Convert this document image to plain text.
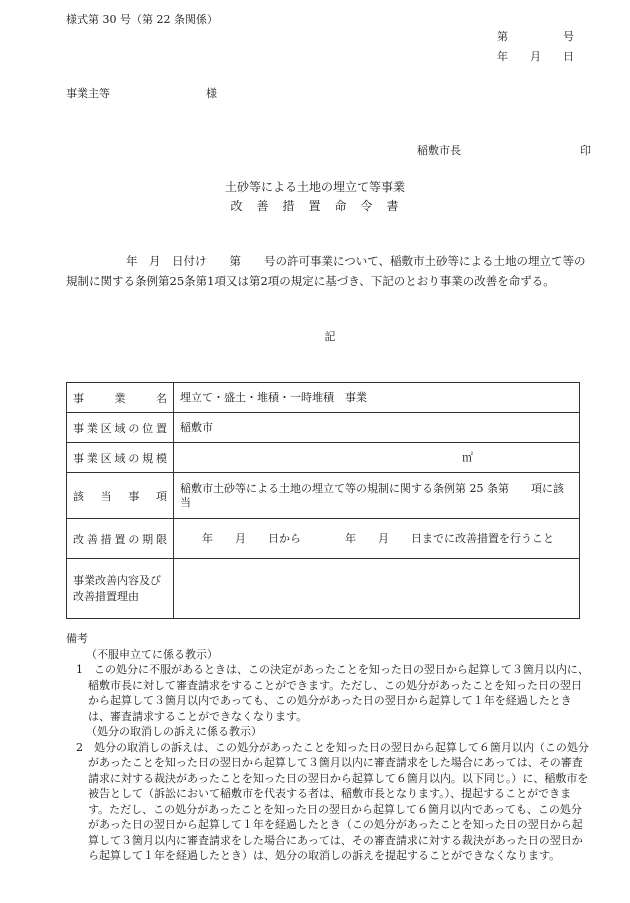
様式第 30 号（第 22 条関係）
第　　　　　号
年　　月　　日
事業主等	様
稲敷市長	印
土砂等による土地の埋立て等事業
改　善　措　置　命　令　書
年　月　日付け　　第　　号の許可事業について、稲敷市土砂等による土地の埋立て等の規制に関する条例第25条第1項又は第2項の規定に基づき、下記のとおり事業の改善を命ずる。
記
事　業　名	埋立て・盛土・堆積・一時堆積　事業
事業区域の位置	稲敷市
事業区域の規模	㎡

該　当　事　項	稲敷市土砂等による土地の埋立て等の規制に関する条例第 25 条第　　項に該当
改善措置の期限	　　年　　月　　日から　　　　年　　月　　日までに改善措置を行うこと
事業改善内容及び改善措置理由	

備考

（不服申立てに係る教示）

1　この処分に不服があるときは、この決定があったことを知った日の翌日から起算して３箇月以内に、稲敷市長に対して審査請求をすることができます。ただし、この処分があったことを知った日の翌日から起算して３箇月以内であっても、この処分があった日の翌日から起算して１年を経過したときは、審査請求することができなくなります。

（処分の取消しの訴えに係る教示）

2　処分の取消しの訴えは、この処分があったことを知った日の翌日から起算して６箇月以内（この処分があったことを知った日の翌日から起算して３箇月以内に審査請求をした場合にあっては、その審査請求に対する裁決があったことを知った日の翌日から起算して６箇月以内。以下同じ。）に、稲敷市を被告として（訴訟において稲敷市を代表する者は、稲敷市長となります。）、提起することができます。ただし、この処分があったことを知った日の翌日から起算して６箇月以内であっても、この処分があった日の翌日から起算して１年を経過したとき（この処分があったことを知った日の翌日から起算して３箇月以内に審査請求をした場合にあっては、その審査請求に対する裁決があった日の翌日から起算して１年を経過したとき）は、処分の取消しの訴えを提起することができなくなります。
